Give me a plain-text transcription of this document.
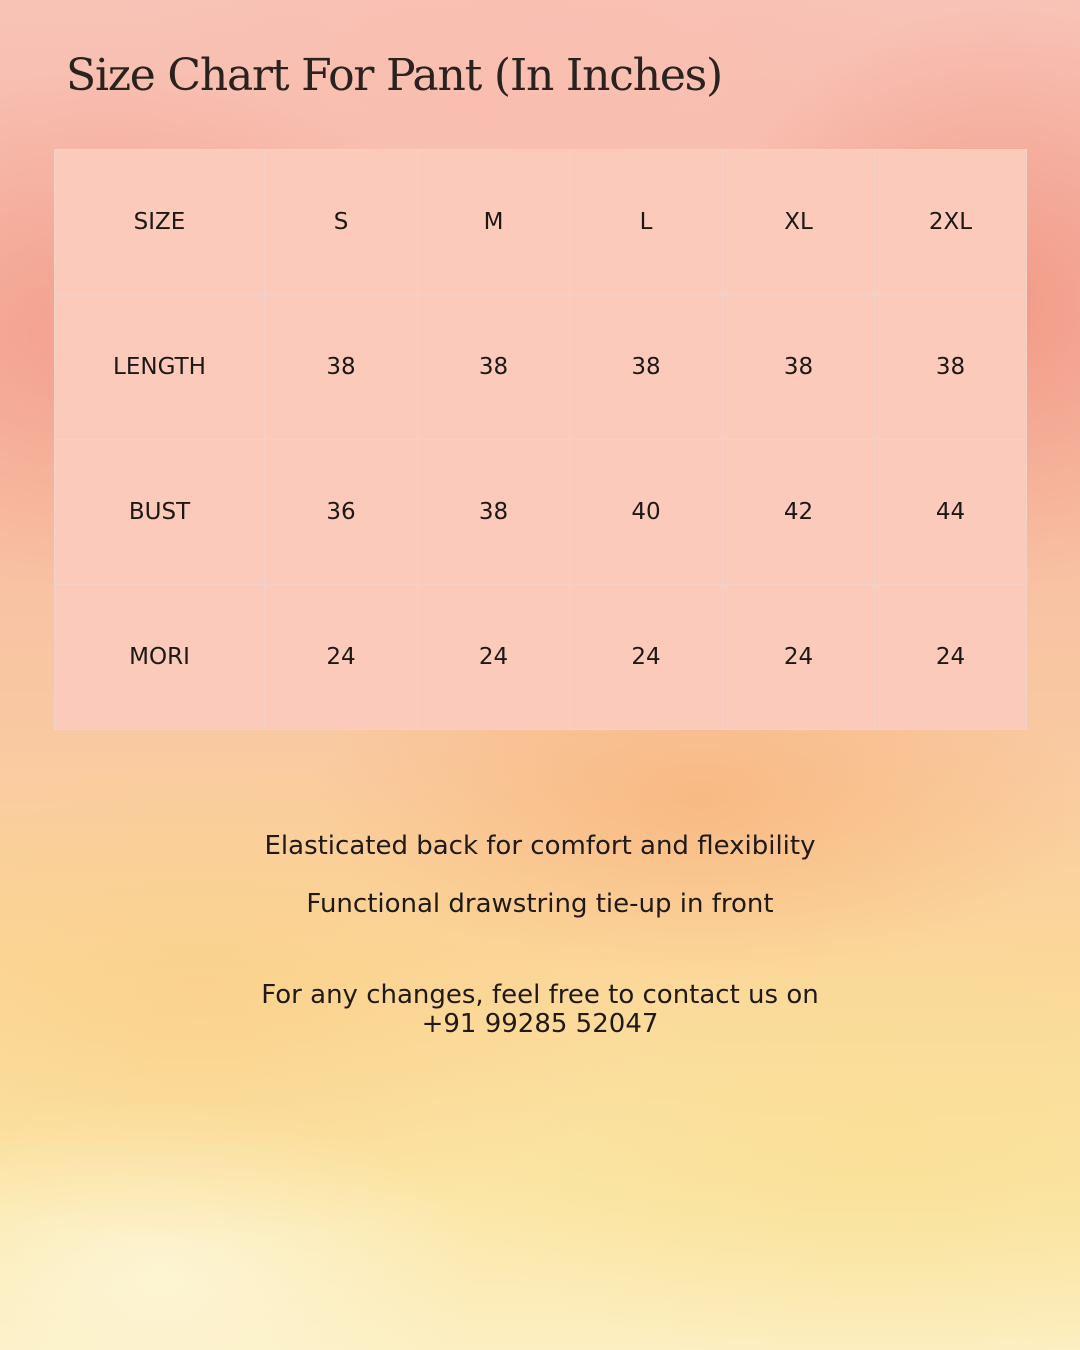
Size Chart For Pant (In Inches)
SIZE	S	M	L	XL	2XL
LENGTH	38	38	38	38	38
BUST	36	38	40	42	44
MORI	24	24	24	24	24

Elasticated back for comfort and flexibility

Functional drawstring tie-up in front

For any changes, feel free to contact us on
+91 99285 52047
